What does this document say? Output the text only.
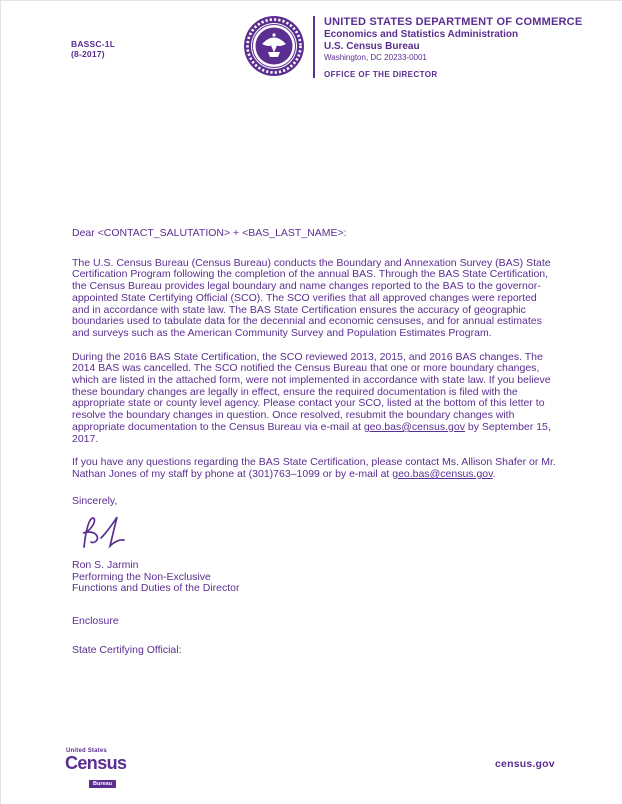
BASSC-1L
(8-2017)
UNITED STATES DEPARTMENT OF COMMERCE
Economics and Statistics Administration
U.S. Census Bureau
Washington, DC 20233-0001
OFFICE OF THE DIRECTOR

Dear <CONTACT_SALUTATION> + <BAS_LAST_NAME>:

The U.S. Census Bureau (Census Bureau) conducts the Boundary and Annexation Survey (BAS) State Certification Program following the completion of the annual BAS. Through the BAS State Certification, the Census Bureau provides legal boundary and name changes reported to the BAS to the governor-appointed State Certifying Official (SCO). The SCO verifies that all approved changes were reported and in accordance with state law. The BAS State Certification ensures the accuracy of geographic boundaries used to tabulate data for the decennial and economic censuses, and for annual estimates and surveys such as the American Community Survey and Population Estimates Program.

During the 2016 BAS State Certification, the SCO reviewed 2013, 2015, and 2016 BAS changes. The 2014 BAS was cancelled. The SCO notified the Census Bureau that one or more boundary changes, which are listed in the attached form, were not implemented in accordance with state law. If you believe these boundary changes are legally in effect, ensure the required documentation is filed with the appropriate state or county level agency. Please contact your SCO, listed at the bottom of this letter to resolve the boundary changes in question. Once resolved, resubmit the boundary changes with appropriate documentation to the Census Bureau via e-mail at geo.bas@census.gov by September 15, 2017.

If you have any questions regarding the BAS State Certification, please contact Ms. Allison Shafer or Mr. Nathan Jones of my staff by phone at (301)763–1099 or by e-mail at geo.bas@census.gov.

Sincerely,

Ron S. Jarmin
Performing the Non-Exclusive
Functions and Duties of the Director

Enclosure

State Certifying Official:

United States
Census
Bureau
census.gov
